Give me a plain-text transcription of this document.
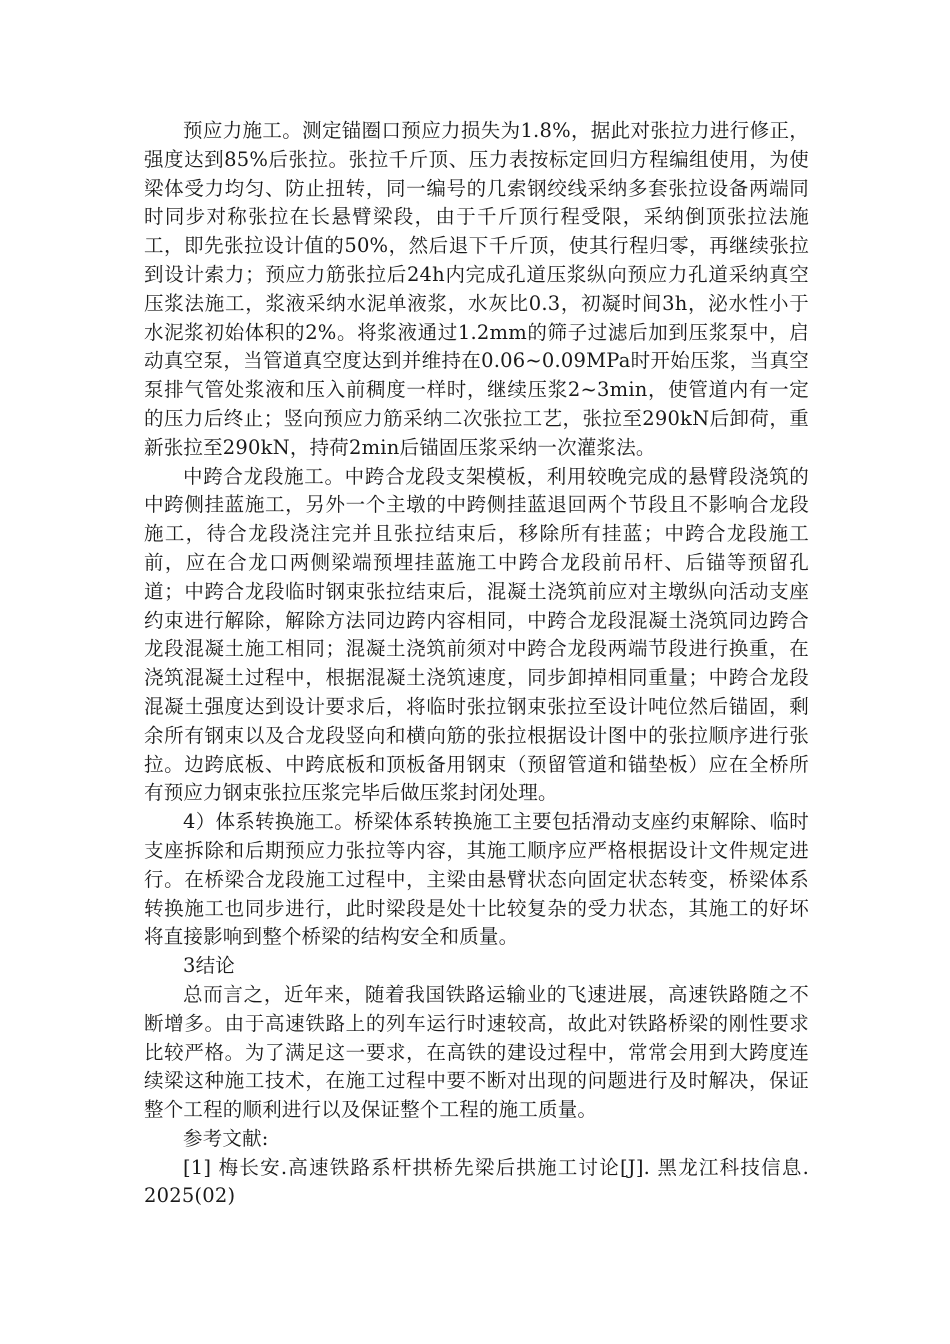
预应力施工。测定锚圈口预应力损失为1.8%，据此对张拉力进行修正，强度达到85%后张拉。张拉千斤顶、压力表按标定回归方程编组使用，为使梁体受力均匀、防止扭转，同一编号的几索钢绞线采纳多套张拉设备两端同时同步对称张拉在长悬臂梁段，由于千斤顶行程受限，采纳倒顶张拉法施工，即先张拉设计值的50%，然后退下千斤顶，使其行程归零，再继续张拉到设计索力；预应力筋张拉后24h内完成孔道压浆纵向预应力孔道采纳真空压浆法施工，浆液采纳水泥单液浆，水灰比0.3，初凝时间3h，泌水性小于水泥浆初始体积的2%。将浆液通过1.2mm的筛子过滤后加到压浆泵中，启动真空泵，当管道真空度达到并维持在0.06~0.09MPa时开始压浆，当真空泵排气管处浆液和压入前稠度一样时，继续压浆2~3min，使管道内有一定的压力后终止；竖向预应力筋采纳二次张拉工艺，张拉至290kN后卸荷，重新张拉至290kN，持荷2min后锚固压浆采纳一次灌浆法。

中跨合龙段施工。中跨合龙段支架模板，利用较晚完成的悬臂段浇筑的中跨侧挂蓝施工，另外一个主墩的中跨侧挂蓝退回两个节段且不影响合龙段施工，待合龙段浇注完并且张拉结束后，移除所有挂蓝；中跨合龙段施工前，应在合龙口两侧梁端预埋挂蓝施工中跨合龙段前吊杆、后锚等预留孔道；中跨合龙段临时钢束张拉结束后，混凝土浇筑前应对主墩纵向活动支座约束进行解除，解除方法同边跨内容相同，中跨合龙段混凝土浇筑同边跨合龙段混凝土施工相同；混凝土浇筑前须对中跨合龙段两端节段进行换重，在浇筑混凝土过程中，根据混凝土浇筑速度，同步卸掉相同重量；中跨合龙段混凝土强度达到设计要求后，将临时张拉钢束张拉至设计吨位然后锚固，剩余所有钢束以及合龙段竖向和横向筋的张拉根据设计图中的张拉顺序进行张拉。边跨底板、中跨底板和顶板备用钢束（预留管道和锚垫板）应在全桥所有预应力钢束张拉压浆完毕后做压浆封闭处理。

4）体系转换施工。桥梁体系转换施工主要包括滑动支座约束解除、临时支座拆除和后期预应力张拉等内容，其施工顺序应严格根据设计文件规定进行。在桥梁合龙段施工过程中，主梁由悬臂状态向固定状态转变，桥梁体系转换施工也同步进行，此时梁段是处十比较复杂的受力状态，其施工的好坏将直接影响到整个桥梁的结构安全和质量。

3结论

总而言之，近年来，随着我国铁路运输业的飞速进展，高速铁路随之不断增多。由于高速铁路上的列车运行时速较高，故此对铁路桥梁的刚性要求比较严格。为了满足这一要求，在高铁的建设过程中，常常会用到大跨度连续梁这种施工技术，在施工过程中要不断对出现的问题进行及时解决，保证整个工程的顺利进行以及保证整个工程的施工质量。

参考文献:

[1] 梅长安.高速铁路系杆拱桥先梁后拱施工讨论[J]. 黑龙江科技信息. 2025(02)
